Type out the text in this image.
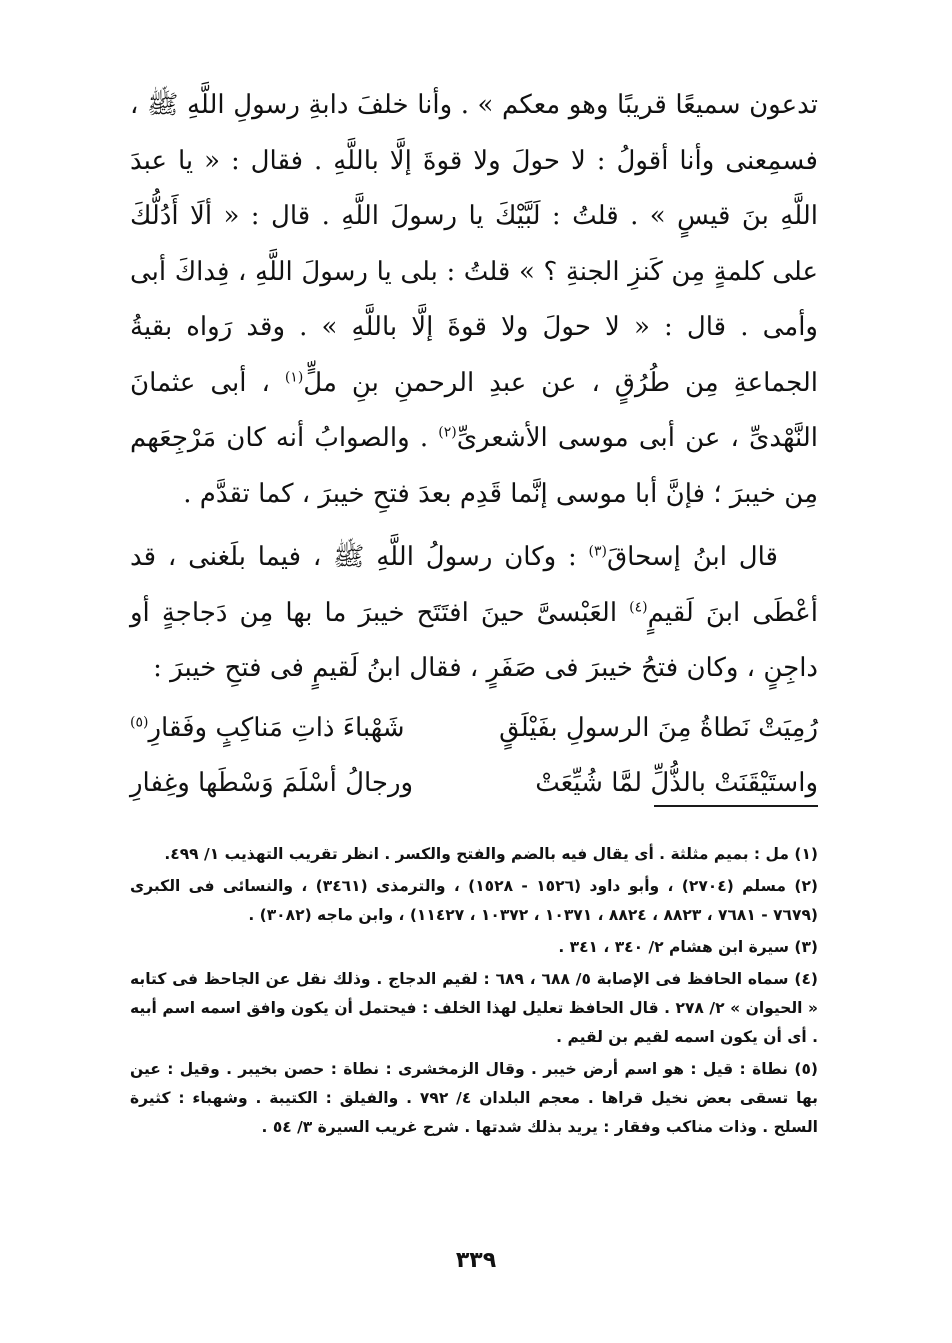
تدعون سميعًا قريبًا وهو معكم » . وأنا خلفَ دابةِ رسولِ اللَّهِ ﷺ ، فسمِعنى وأنا أقولُ : لا حولَ ولا قوةَ إلَّا باللَّهِ . فقال : « يا عبدَ اللَّهِ بنَ قيسٍ » . قلتُ : لَبَّيْكَ يا رسولَ اللَّهِ . قال : « ألَا أَدُلُّكَ على كلمةٍ مِن كَنزِ الجنةِ ؟ » قلتُ : بلى يا رسولَ اللَّهِ ، فِداكَ أبى وأمى . قال : « لا حولَ ولا قوةَ إلَّا باللَّهِ » . وقد رَواه بقيةُ الجماعةِ مِن طُرُقٍ ، عن عبدِ الرحمنِ بنِ ملٍّ$^{(١)}$ ، أبى عثمانَ النَّهْدىِّ ، عن أبى موسى الأشعرىِّ$^{(٢)}$ . والصوابُ أنه كان مَرْجِعَهم مِن خيبرَ ؛ فإنَّ أبا موسى إنَّما قَدِم بعدَ فتحِ خيبرَ ، كما تقدَّم .

قال ابنُ إسحاقَ$^{(٣)}$ : وكان رسولُ اللَّهِ ﷺ ، فيما بلَغنى ، قد أعْطَى ابنَ لَقيمٍ$^{(٤)}$ العَبْسىَّ حينَ افتَتَح خيبرَ ما بها مِن دَجاجةٍ أو داجِنٍ ، وكان فتحُ خيبرَ فى صَفَرٍ ، فقال ابنُ لَقيمٍ فى فتحِ خيبرَ :

رُمِيَتْ نَطاةُ مِنَ الرسولِ بفَيْلَقٍ
شَهْباءَ ذاتِ مَناكِبٍ وفَقارِ$^{(٥)}$
واستَيْقَنَتْ بالذُّلِّ لمَّا شُيِّعَتْ
ورجالُ أسْلَمَ وَسْطَها وغِفارِ

(١) مل : بميم مثلثة . أى يقال فيه بالضم والفتح والكسر . انظر تقريب التهذيب ١/ ٤٩٩.

(٢) مسلم (٢٧٠٤) ، وأبو داود (١٥٢٦ - ١٥٢٨) ، والترمذى (٣٤٦١) ، والنسائى فى الكبرى (٧٦٧٩ - ٧٦٨١ ، ٨٨٢٣ ، ٨٨٢٤ ، ١٠٣٧١ ، ١٠٣٧٢ ، ١١٤٢٧) ، وابن ماجه (٣٠٨٢) .

(٣) سيرة ابن هشام ٢/ ٣٤٠ ، ٣٤١ .

(٤) سماه الحافظ فى الإصابة ٥/ ٦٨٨ ، ٦٨٩ : لقيم الدجاج . وذلك نقل عن الجاحظ فى كتابه « الحيوان » ٢/ ٢٧٨ . قال الحافظ تعليل لهذا الخلف : فيحتمل أن يكون وافق اسمه اسم أبيه . أى أن يكون اسمه لقيم بن لقيم .

(٥) نطاة : قيل : هو اسم أرض خيبر . وقال الزمخشرى : نطاة : حصن بخيبر . وقيل : عين بها تسقى بعض نخيل قراها . معجم البلدان ٤/ ٧٩٢ . والفيلق : الكتيبة . وشهباء : كثيرة السلح . وذات مناكب وفقار : يريد بذلك شدتها . شرح غريب السيرة ٣/ ٥٤ .

٣٣٩
